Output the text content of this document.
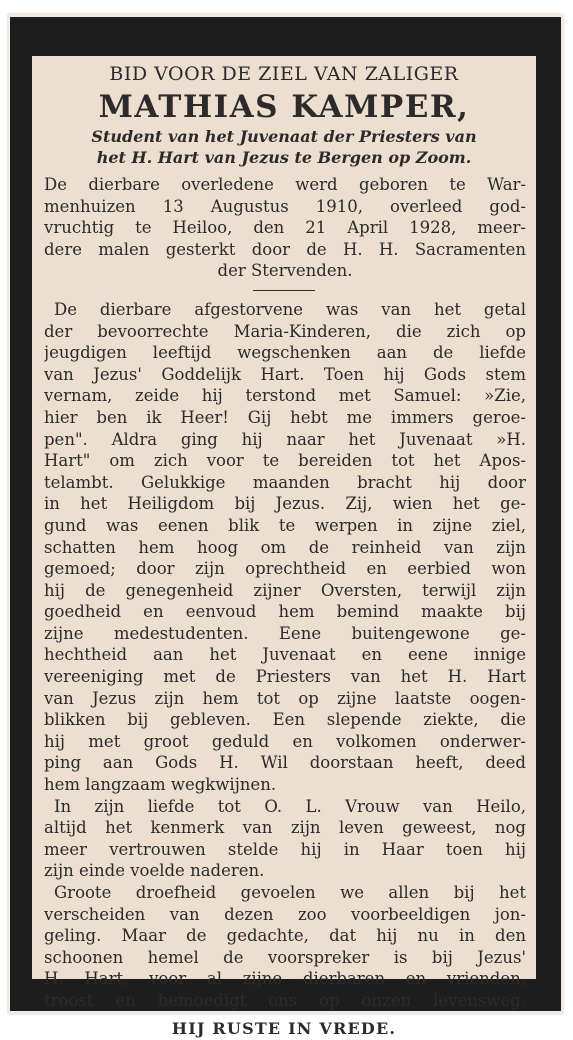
BID VOOR DE ZIEL VAN ZALIGER
MATHIAS KAMPER,
Student van het Juvenaat der Priesters van
het H. Hart van Jezus te Bergen op Zoom.
De dierbare overledene werd geboren te War-
menhuizen 13 Augustus 1910, overleed god-
vruchtig te Heiloo, den 21 April 1928, meer-
dere malen gesterkt door de H. H. Sacramenten
der Stervenden.
De dierbare afgestorvene was van het getal
der bevoorrechte Maria-Kinderen, die zich op
jeugdigen leeftijd wegschenken aan de liefde
van Jezus' Goddelijk Hart. Toen hij Gods stem
vernam, zeide hij terstond met Samuel: »Zie,
hier ben ik Heer! Gij hebt me immers geroe-
pen". Aldra ging hij naar het Juvenaat »H.
Hart" om zich voor te bereiden tot het Apos-
telambt. Gelukkige maanden bracht hij door
in het Heiligdom bij Jezus. Zij, wien het ge-
gund was eenen blik te werpen in zijne ziel,
schatten hem hoog om de reinheid van zijn
gemoed; door zijn oprechtheid en eerbied won
hij de genegenheid zijner Oversten, terwijl zijn
goedheid en eenvoud hem bemind maakte bij
zijne medestudenten. Eene buitengewone ge-
hechtheid aan het Juvenaat en eene innige
vereeniging met de Priesters van het H. Hart
van Jezus zijn hem tot op zijne laatste oogen-
blikken bij gebleven. Een slepende ziekte, die
hij met groot geduld en volkomen onderwer-
ping aan Gods H. Wil doorstaan heeft, deed
hem langzaam wegkwijnen.
In zijn liefde tot O. L. Vrouw van Heilo,
altijd het kenmerk van zijn leven geweest, nog
meer vertrouwen stelde hij in Haar toen hij
zijn einde voelde naderen.
Groote droefheid gevoelen we allen bij het
verscheiden van dezen zoo voorbeeldigen jon-
geling. Maar de gedachte, dat hij nu in den
schoonen hemel de voorspreker is bij Jezus'
H. Hart, voor al zijne dierbaren en vrienden,
troost en bemoedigt ons op onzen levensweg.
HIJ RUSTE IN VREDE.
